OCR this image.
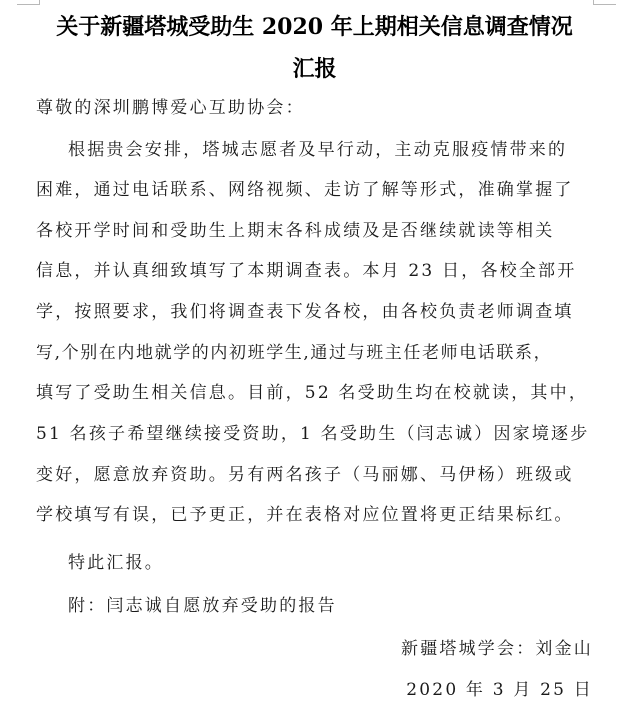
关于新疆塔城受助生 2020 年上期相关信息调查情况
汇报
尊敬的深圳鹏博爱心互助协会：
根据贵会安排，塔城志愿者及早行动，主动克服疫情带来的
困难，通过电话联系、网络视频、走访了解等形式，准确掌握了
各校开学时间和受助生上期末各科成绩及是否继续就读等相关
信息，并认真细致填写了本期调查表。本月 23 日，各校全部开
学，按照要求，我们将调查表下发各校，由各校负责老师调查填
写,个别在内地就学的内初班学生,通过与班主任老师电话联系，
填写了受助生相关信息。目前，52 名受助生均在校就读，其中，
51 名孩子希望继续接受资助，1 名受助生（闫志诚）因家境逐步
变好，愿意放弃资助。另有两名孩子（马丽娜、马伊杨）班级或
学校填写有误，已予更正，并在表格对应位置将更正结果标红。
特此汇报。
附：闫志诚自愿放弃受助的报告
新疆塔城学会：刘金山
2020 年 3 月 25 日
